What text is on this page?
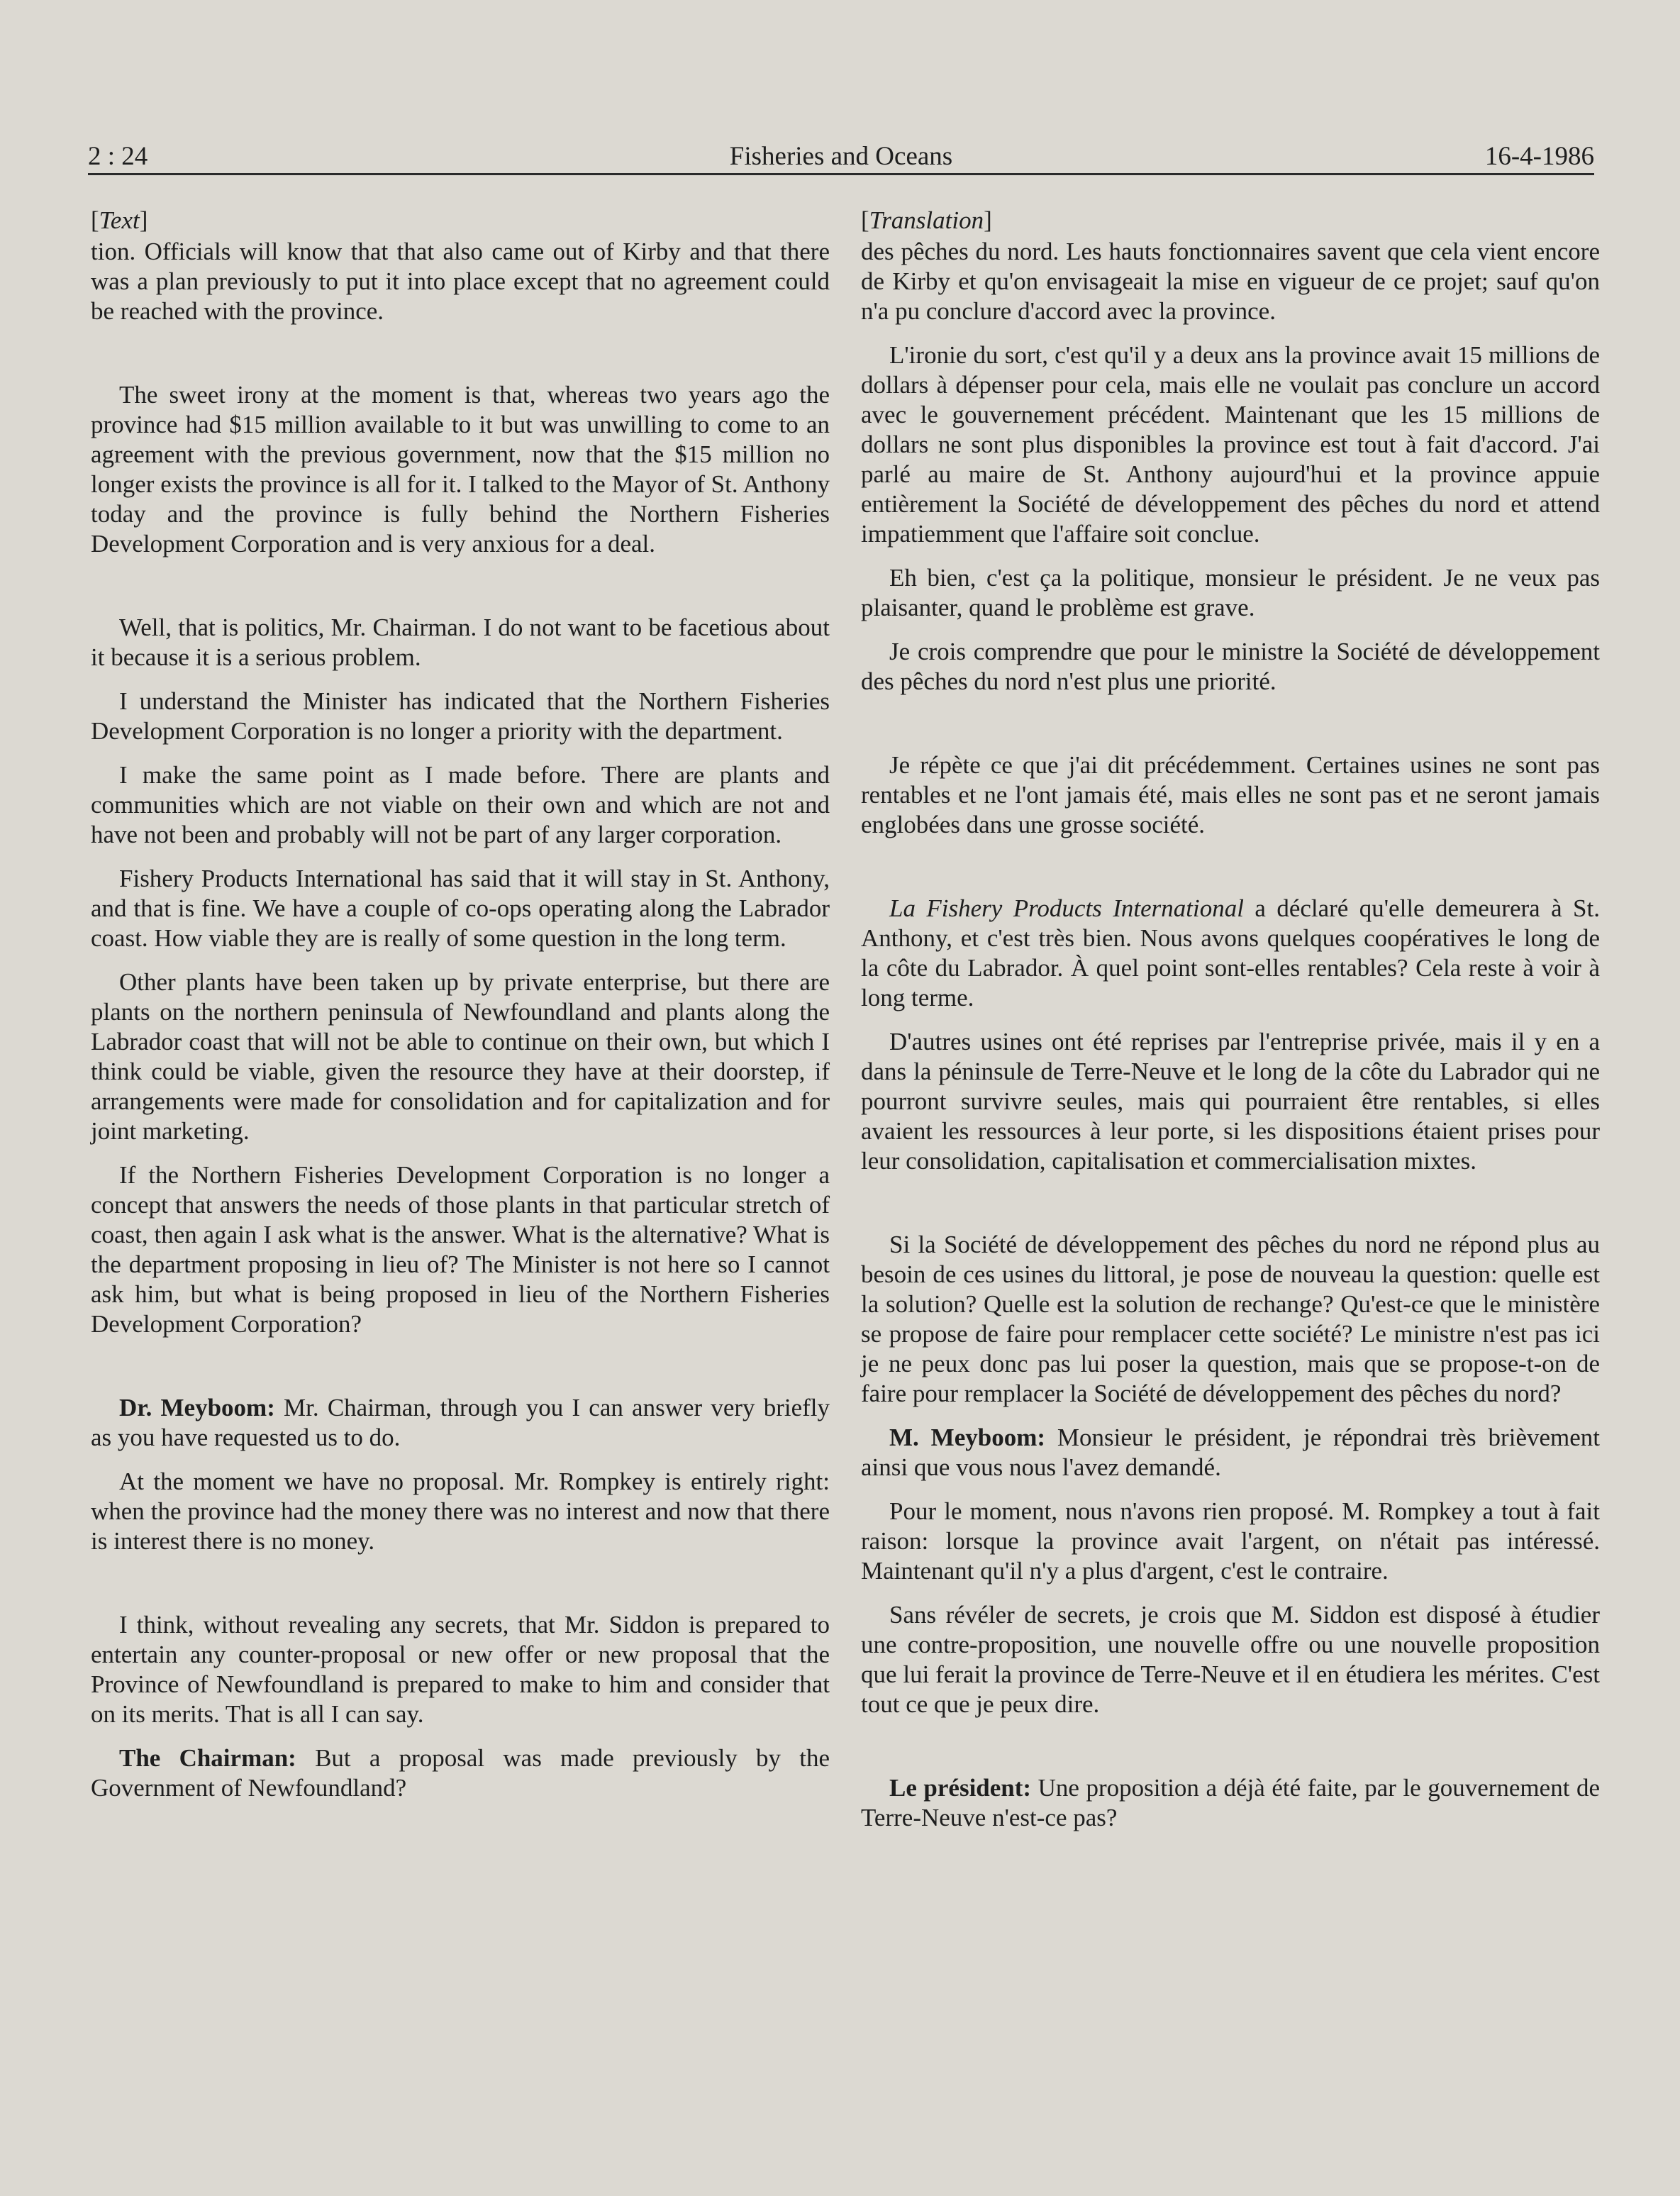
2 : 24	Fisheries and Oceans	16-4-1986
[Text]

tion. Officials will know that that also came out of Kirby and that there was a plan previously to put it into place except that no agreement could be reached with the province.

The sweet irony at the moment is that, whereas two years ago the province had $15 million available to it but was unwilling to come to an agreement with the previous government, now that the $15 million no longer exists the province is all for it. I talked to the Mayor of St. Anthony today and the province is fully behind the Northern Fisheries Development Corporation and is very anxious for a deal.

Well, that is politics, Mr. Chairman. I do not want to be facetious about it because it is a serious problem.

I understand the Minister has indicated that the Northern Fisheries Development Corporation is no longer a priority with the department.

I make the same point as I made before. There are plants and communities which are not viable on their own and which are not and have not been and probably will not be part of any larger corporation.

Fishery Products International has said that it will stay in St. Anthony, and that is fine. We have a couple of co-ops operating along the Labrador coast. How viable they are is really of some question in the long term.

Other plants have been taken up by private enterprise, but there are plants on the northern peninsula of Newfoundland and plants along the Labrador coast that will not be able to continue on their own, but which I think could be viable, given the resource they have at their doorstep, if arrangements were made for consolidation and for capitalization and for joint marketing.

If the Northern Fisheries Development Corporation is no longer a concept that answers the needs of those plants in that particular stretch of coast, then again I ask what is the answer. What is the alternative? What is the department proposing in lieu of? The Minister is not here so I cannot ask him, but what is being proposed in lieu of the Northern Fisheries Development Corporation?

Dr. Meyboom: Mr. Chairman, through you I can answer very briefly as you have requested us to do.

At the moment we have no proposal. Mr. Rompkey is entirely right: when the province had the money there was no interest and now that there is interest there is no money.

I think, without revealing any secrets, that Mr. Siddon is prepared to entertain any counter-proposal or new offer or new proposal that the Province of Newfoundland is prepared to make to him and consider that on its merits. That is all I can say.

The Chairman: But a proposal was made previously by the Government of Newfoundland?

[Translation]

des pêches du nord. Les hauts fonctionnaires savent que cela vient encore de Kirby et qu'on envisageait la mise en vigueur de ce projet; sauf qu'on n'a pu conclure d'accord avec la province.

L'ironie du sort, c'est qu'il y a deux ans la province avait 15 millions de dollars à dépenser pour cela, mais elle ne voulait pas conclure un accord avec le gouvernement précédent. Maintenant que les 15 millions de dollars ne sont plus disponibles la province est tout à fait d'accord. J'ai parlé au maire de St. Anthony aujourd'hui et la province appuie entièrement la Société de développement des pêches du nord et attend impatiemment que l'affaire soit conclue.

Eh bien, c'est ça la politique, monsieur le président. Je ne veux pas plaisanter, quand le problème est grave.

Je crois comprendre que pour le ministre la Société de développement des pêches du nord n'est plus une priorité.

Je répète ce que j'ai dit précédemment. Certaines usines ne sont pas rentables et ne l'ont jamais été, mais elles ne sont pas et ne seront jamais englobées dans une grosse société.

La Fishery Products International a déclaré qu'elle demeurera à St. Anthony, et c'est très bien. Nous avons quelques coopératives le long de la côte du Labrador. À quel point sont-elles rentables? Cela reste à voir à long terme.

D'autres usines ont été reprises par l'entreprise privée, mais il y en a dans la péninsule de Terre-Neuve et le long de la côte du Labrador qui ne pourront survivre seules, mais qui pourraient être rentables, si elles avaient les ressources à leur porte, si les dispositions étaient prises pour leur consolidation, capitalisation et commercialisation mixtes.

Si la Société de développement des pêches du nord ne répond plus au besoin de ces usines du littoral, je pose de nouveau la question: quelle est la solution? Quelle est la solution de rechange? Qu'est-ce que le ministère se propose de faire pour remplacer cette société? Le ministre n'est pas ici je ne peux donc pas lui poser la question, mais que se propose-t-on de faire pour remplacer la Société de développement des pêches du nord?

M. Meyboom: Monsieur le président, je répondrai très brièvement ainsi que vous nous l'avez demandé.

Pour le moment, nous n'avons rien proposé. M. Rompkey a tout à fait raison: lorsque la province avait l'argent, on n'était pas intéressé. Maintenant qu'il n'y a plus d'argent, c'est le contraire.

Sans révéler de secrets, je crois que M. Siddon est disposé à étudier une contre-proposition, une nouvelle offre ou une nouvelle proposition que lui ferait la province de Terre-Neuve et il en étudiera les mérites. C'est tout ce que je peux dire.

Le président: Une proposition a déjà été faite, par le gouvernement de Terre-Neuve n'est-ce pas?
